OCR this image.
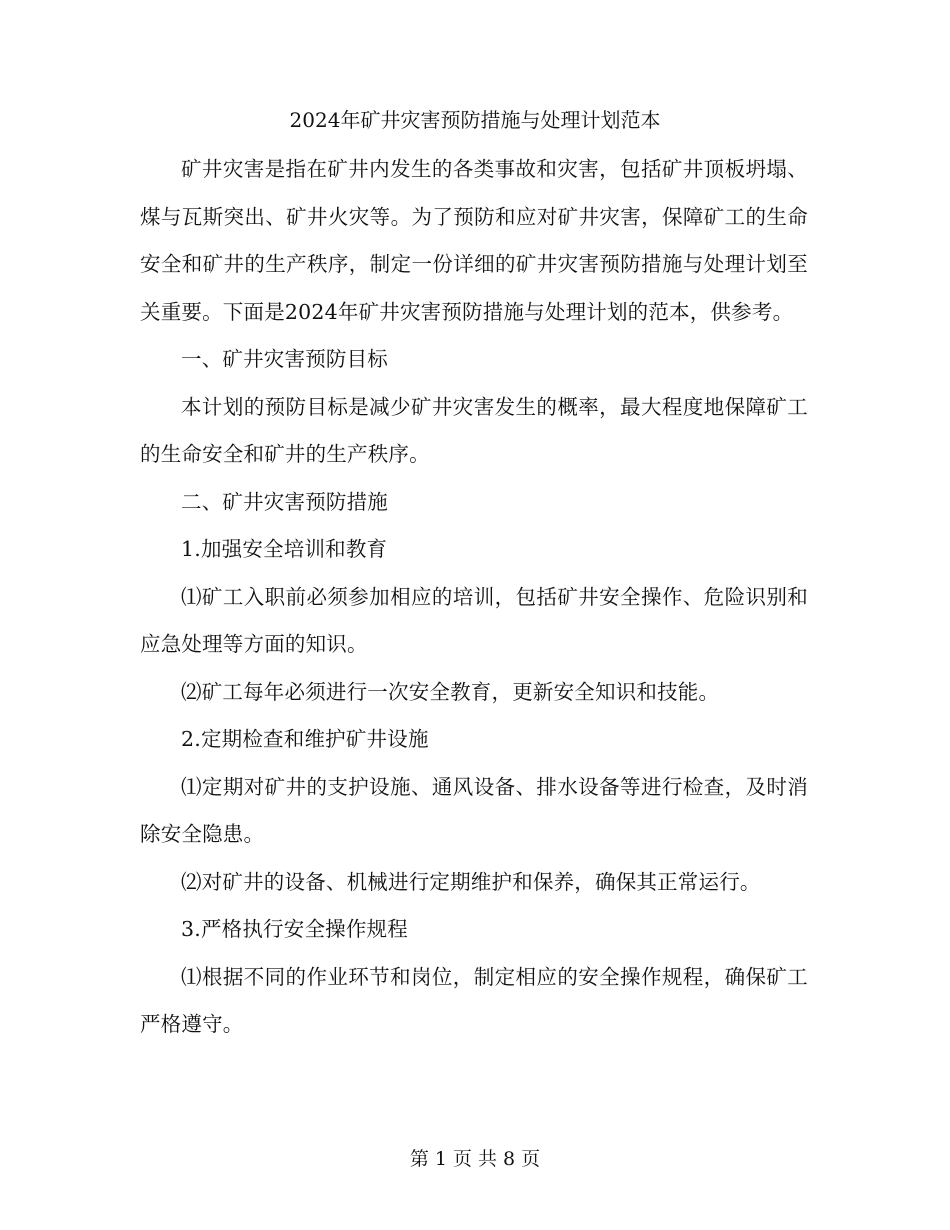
2024年矿井灾害预防措施与处理计划范本

矿井灾害是指在矿井内发生的各类事故和灾害，包括矿井顶板坍塌、煤与瓦斯突出、矿井火灾等。为了预防和应对矿井灾害，保障矿工的生命安全和矿井的生产秩序，制定一份详细的矿井灾害预防措施与处理计划至关重要。下面是2024年矿井灾害预防措施与处理计划的范本，供参考。

一、矿井灾害预防目标

本计划的预防目标是减少矿井灾害发生的概率，最大程度地保障矿工的生命安全和矿井的生产秩序。

二、矿井灾害预防措施

1.加强安全培训和教育

⑴矿工入职前必须参加相应的培训，包括矿井安全操作、危险识别和应急处理等方面的知识。

⑵矿工每年必须进行一次安全教育，更新安全知识和技能。

2.定期检查和维护矿井设施

⑴定期对矿井的支护设施、通风设备、排水设备等进行检查，及时消除安全隐患。

⑵对矿井的设备、机械进行定期维护和保养，确保其正常运行。

3.严格执行安全操作规程

⑴根据不同的作业环节和岗位，制定相应的安全操作规程，确保矿工严格遵守。

第 1 页 共 8 页
